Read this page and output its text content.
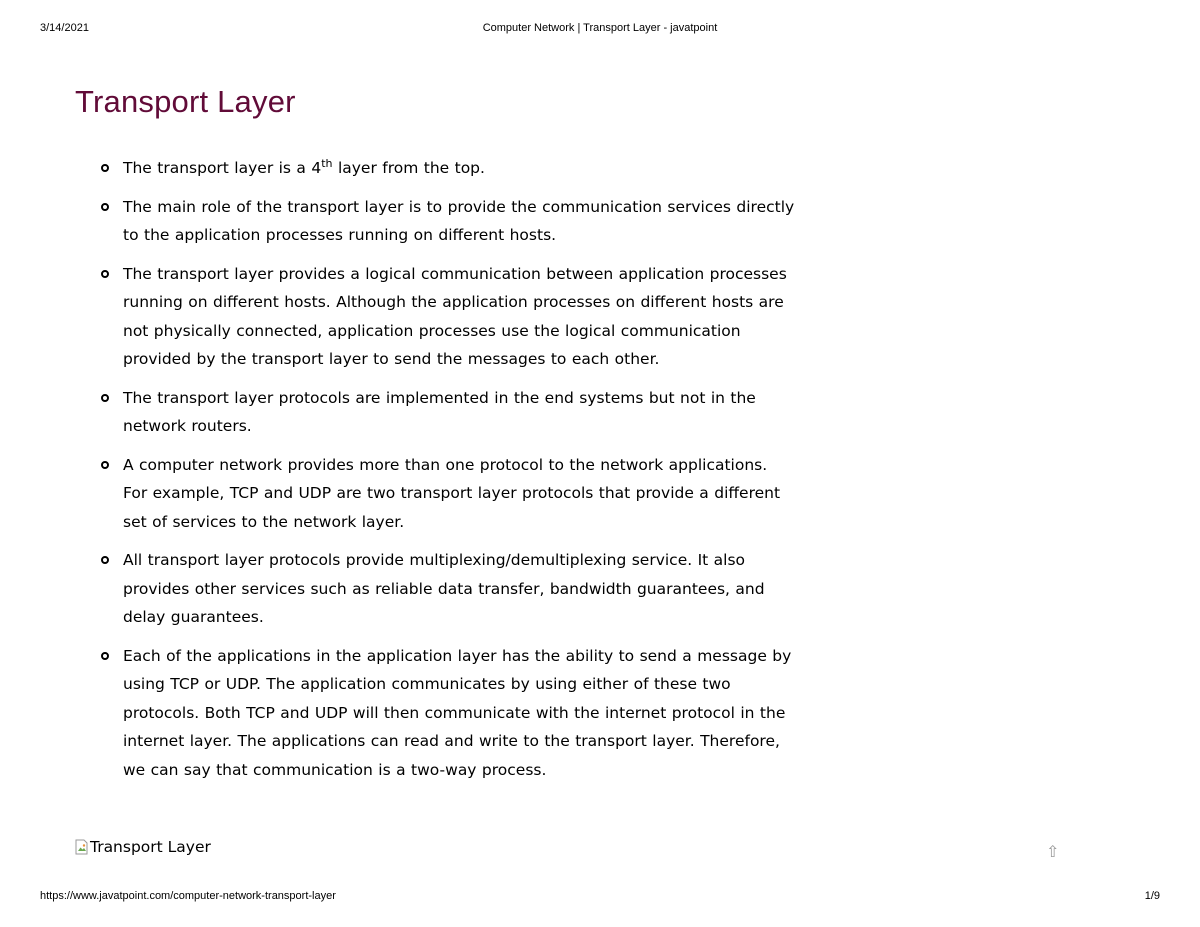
3/14/2021	Computer Network | Transport Layer - javatpoint
Transport Layer
The transport layer is a 4th layer from the top.
The main role of the transport layer is to provide the communication services directly to the application processes running on different hosts.
The transport layer provides a logical communication between application processes running on different hosts. Although the application processes on different hosts are not physically connected, application processes use the logical communication provided by the transport layer to send the messages to each other.
The transport layer protocols are implemented in the end systems but not in the network routers.
A computer network provides more than one protocol to the network applications. For example, TCP and UDP are two transport layer protocols that provide a different set of services to the network layer.
All transport layer protocols provide multiplexing/demultiplexing service. It also provides other services such as reliable data transfer, bandwidth guarantees, and delay guarantees.
Each of the applications in the application layer has the ability to send a message by using TCP or UDP. The application communicates by using either of these two protocols. Both TCP and UDP will then communicate with the internet protocol in the internet layer. The applications can read and write to the transport layer. Therefore, we can say that communication is a two-way process.
Transport Layer	⇧
https://www.javatpoint.com/computer-network-transport-layer	1/9
